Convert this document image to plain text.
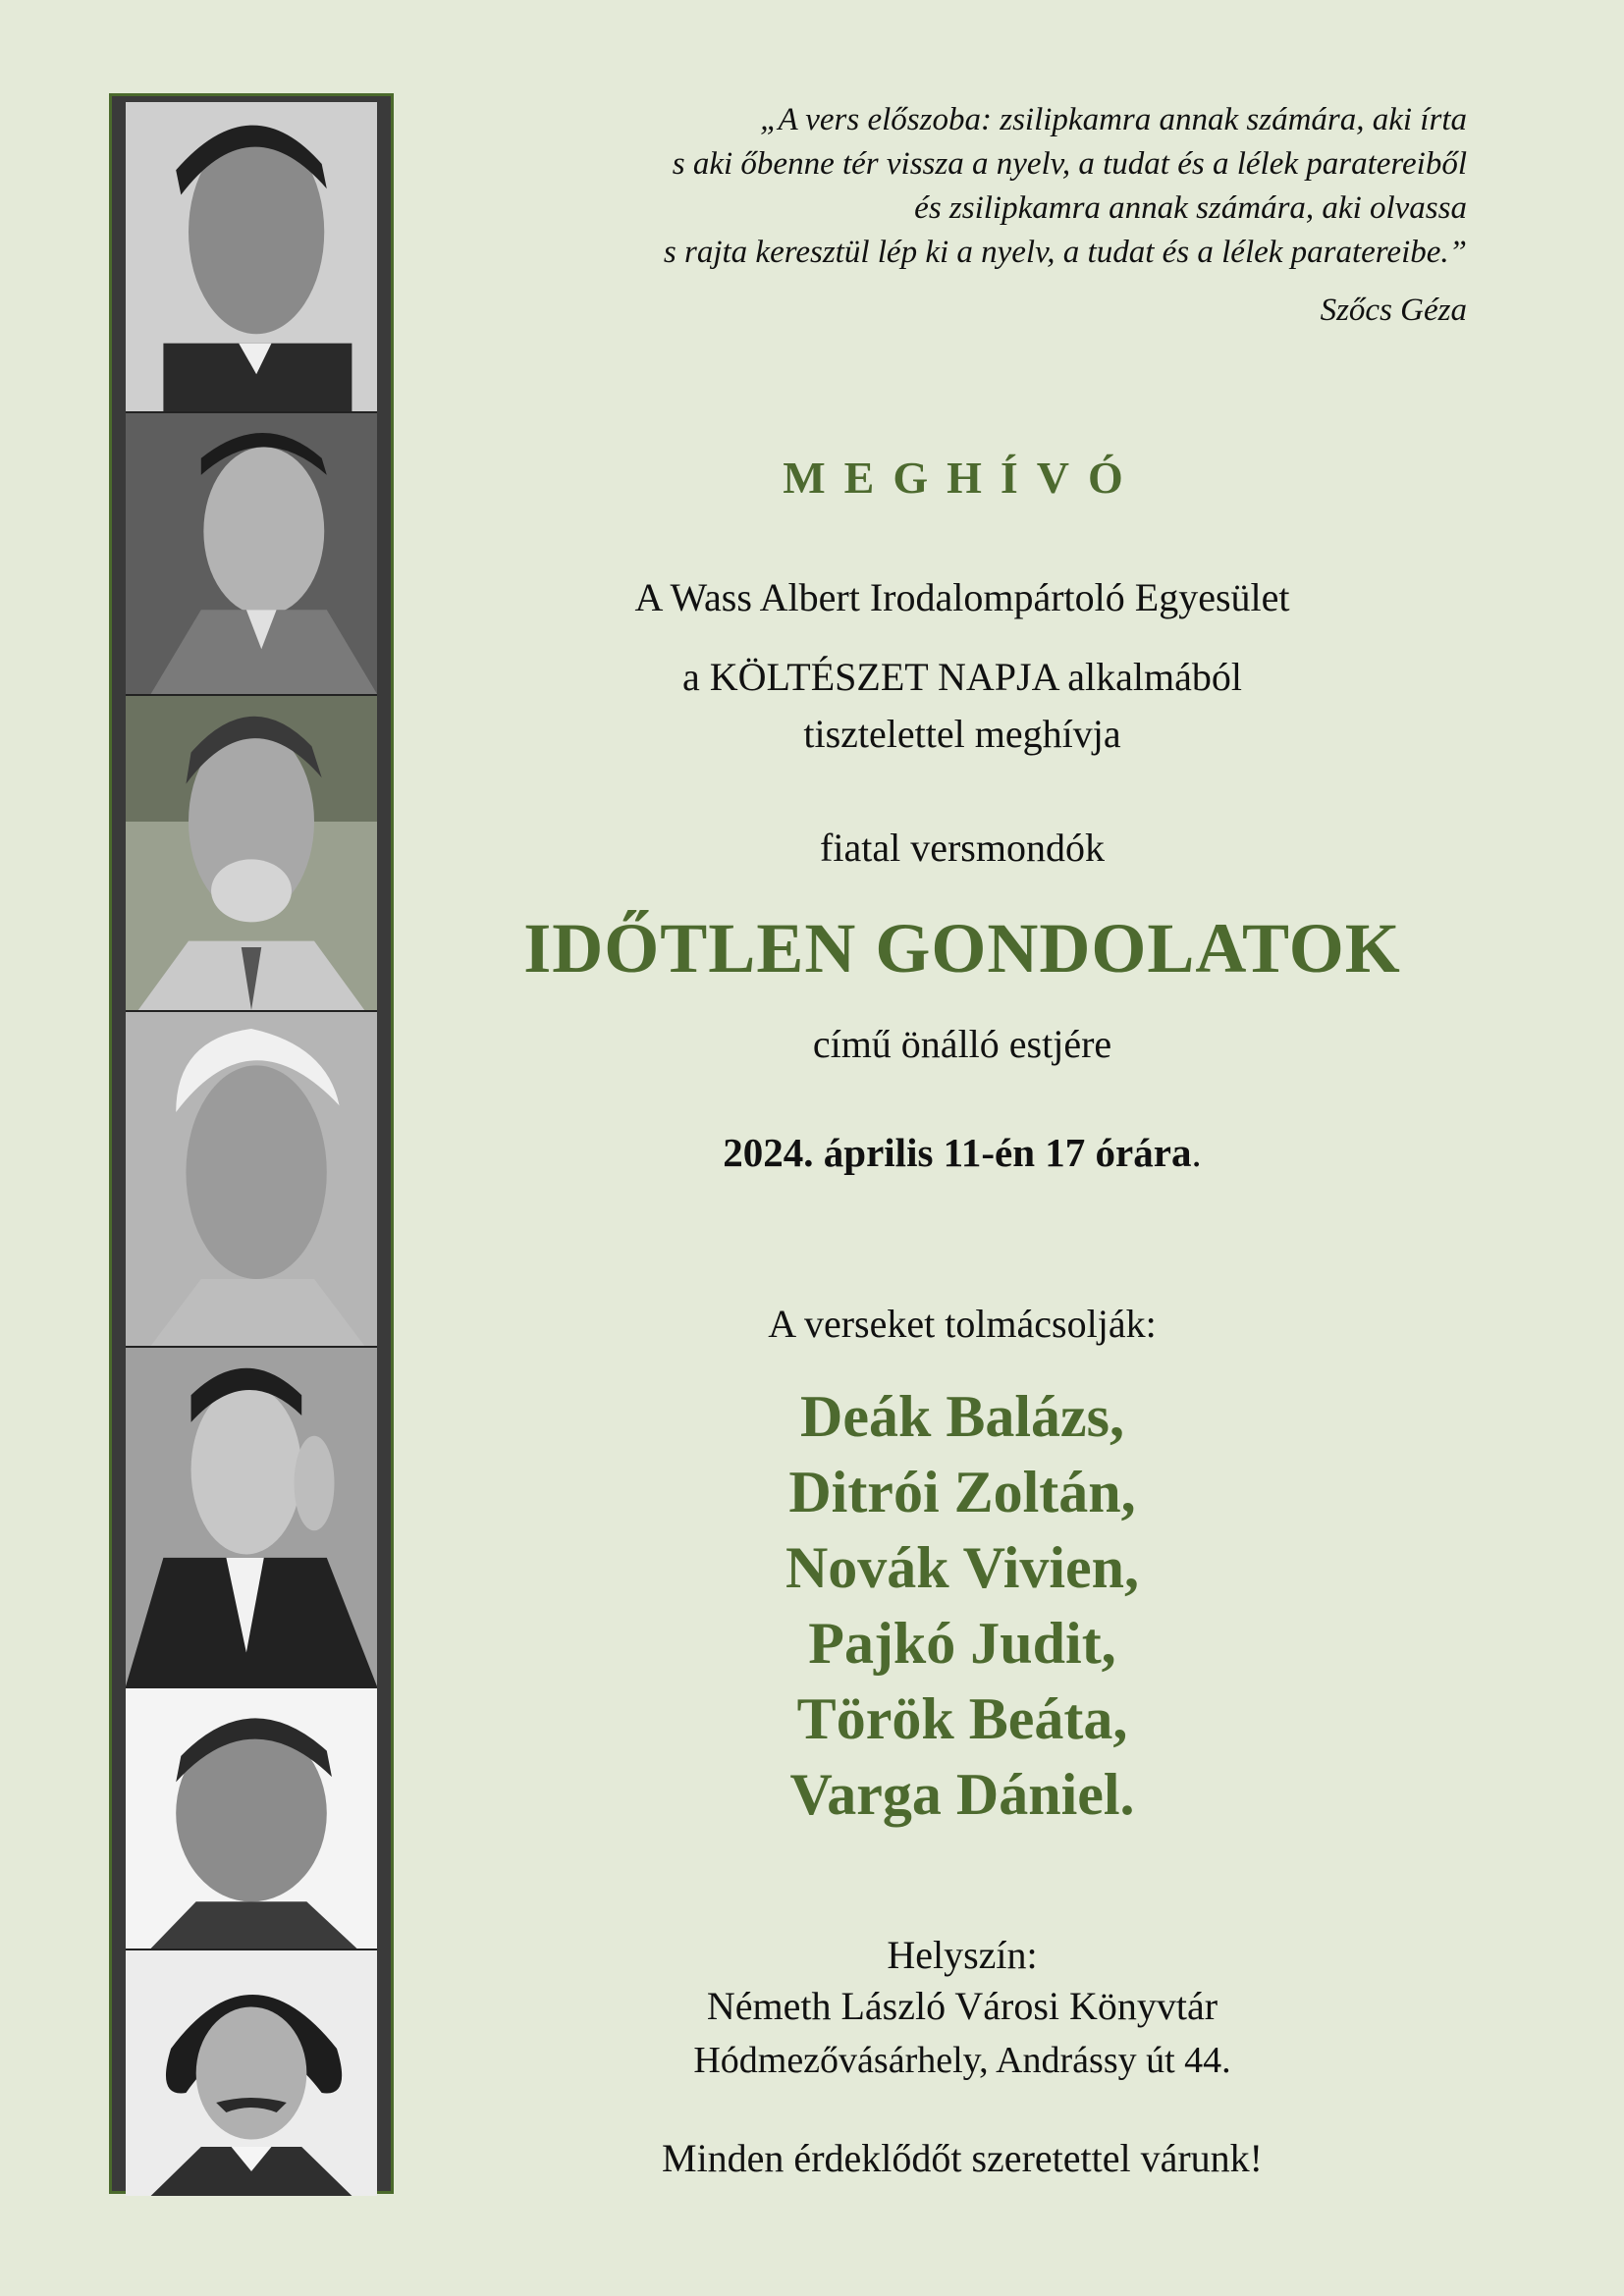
„A vers előszoba: zsilipkamra annak számára, aki írta
s aki őbenne tér vissza a nyelv, a tudat és a lélek paratereiből
és zsilipkamra annak számára, aki olvassa
s rajta keresztül lép ki a nyelv, a tudat és a lélek paratereibe.”
Szőcs Géza
MEGHÍVÓ
A Wass Albert Irodalompártoló Egyesület
a KÖLTÉSZET NAPJA alkalmából
tisztelettel meghívja
fiatal versmondók
IDŐTLEN GONDOLATOK
című önálló estjére
2024. április 11-én 17 órára.
A verseket tolmácsolják:
Deák Balázs,
Ditrói Zoltán,
Novák Vivien,
Pajkó Judit,
Török Beáta,
Varga Dániel.
Helyszín:
Németh László Városi Könyvtár
Hódmezővásárhely, Andrássy út 44.
Minden érdeklődőt szeretettel várunk!
